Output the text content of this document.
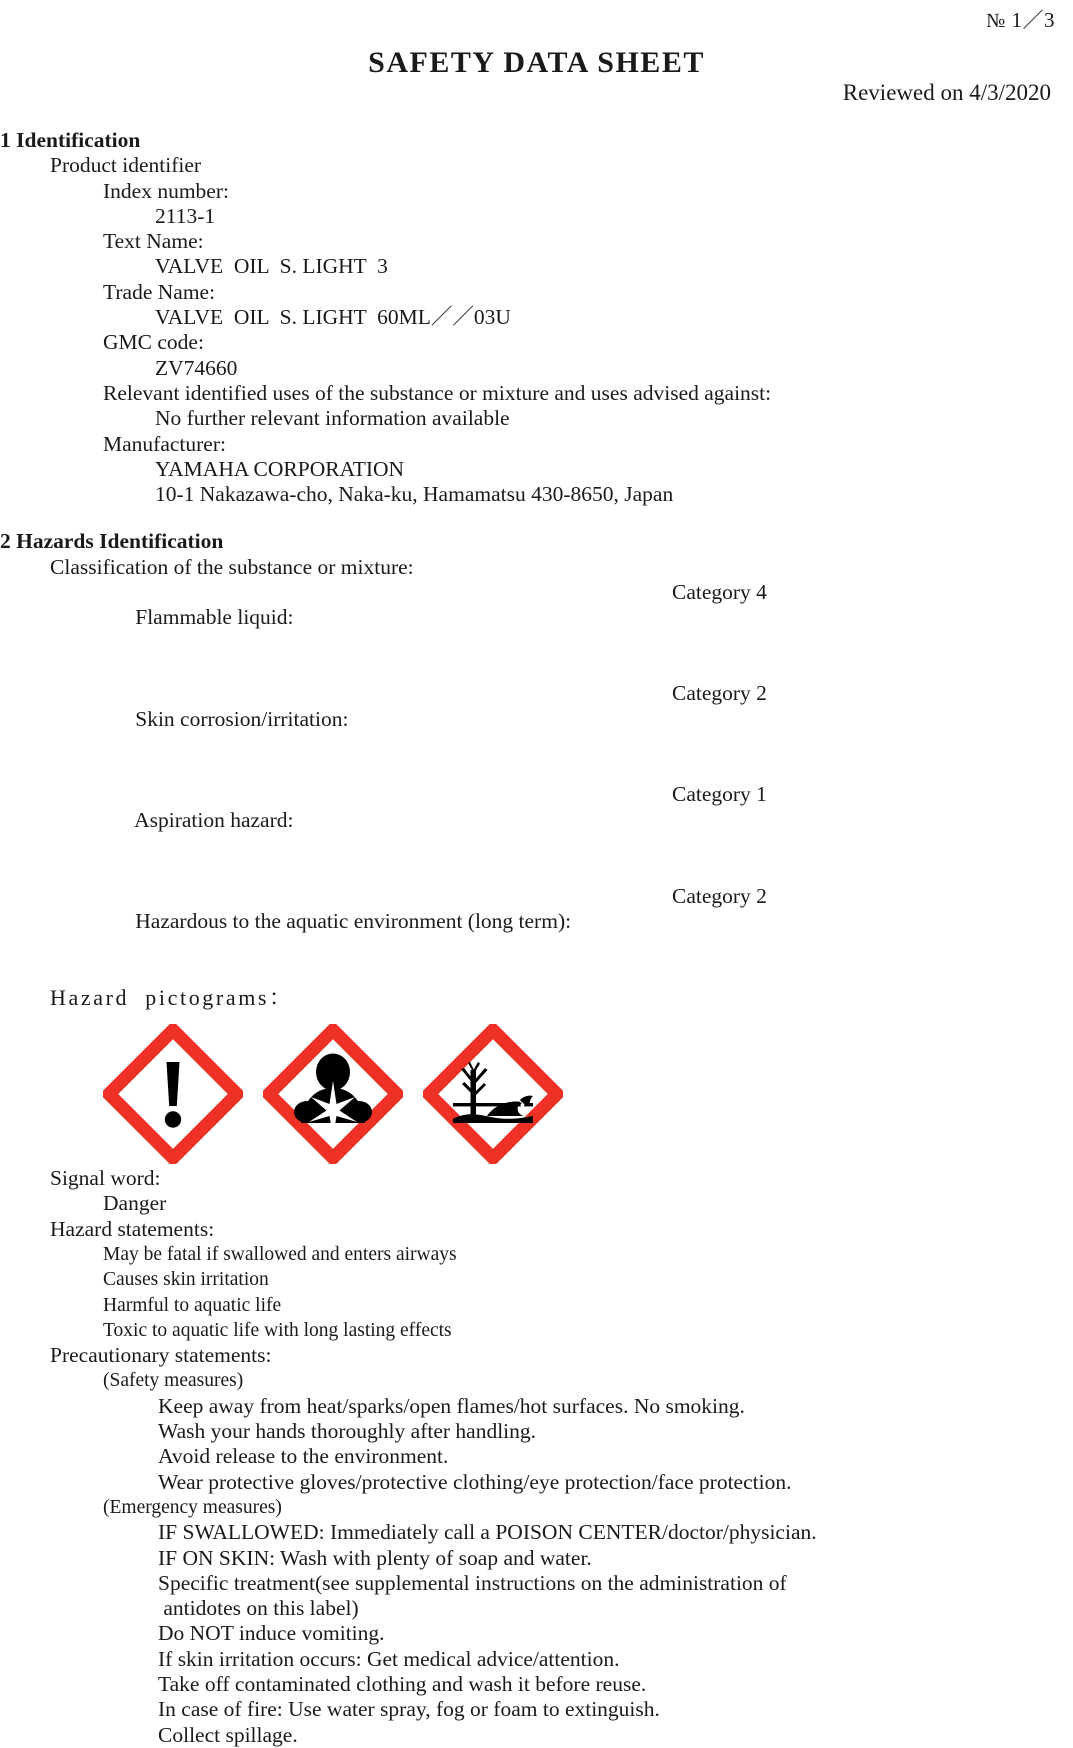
№ 1／3
SAFETY DATA SHEET
Reviewed on 4/3/2020
1 Identification
Product identifier
Index number:
2113-1
Text Name:
VALVE  OIL  S. LIGHT  3
Trade Name:
VALVE  OIL  S. LIGHT  60ML／／03U
GMC code:
ZV74660
Relevant identified uses of the substance or mixture and uses advised against:
No further relevant information available
Manufacturer:
YAMAHA CORPORATION
10-1 Nakazawa-cho, Naka-ku, Hamamatsu 430-8650, Japan
2 Hazards Identification
Classification of the substance or mixture:

Flammable liquid:

Category 4

Skin corrosion/irritation:

Category 2

Aspiration hazard:

Category 1

Hazardous to the aquatic environment (long term):

Category 2

Hazard  pictograms：
Signal word:
Danger
Hazard statements:
May be fatal if swallowed and enters airways
Causes skin irritation
Harmful to aquatic life
Toxic to aquatic life with long lasting effects
Precautionary statements:
(Safety measures)
Keep away from heat/sparks/open flames/hot surfaces. No smoking.
Wash your hands thoroughly after handling.
Avoid release to the environment.
Wear protective gloves/protective clothing/eye protection/face protection.
(Emergency measures)
IF SWALLOWED: Immediately call a POISON CENTER/doctor/physician.
IF ON SKIN: Wash with plenty of soap and water.
Specific treatment(see supplemental instructions on the administration of
antidotes on this label)
Do NOT induce vomiting.
If skin irritation occurs: Get medical advice/attention.
Take off contaminated clothing and wash it before reuse.
In case of fire: Use water spray, fog or foam to extinguish.
Collect spillage.
